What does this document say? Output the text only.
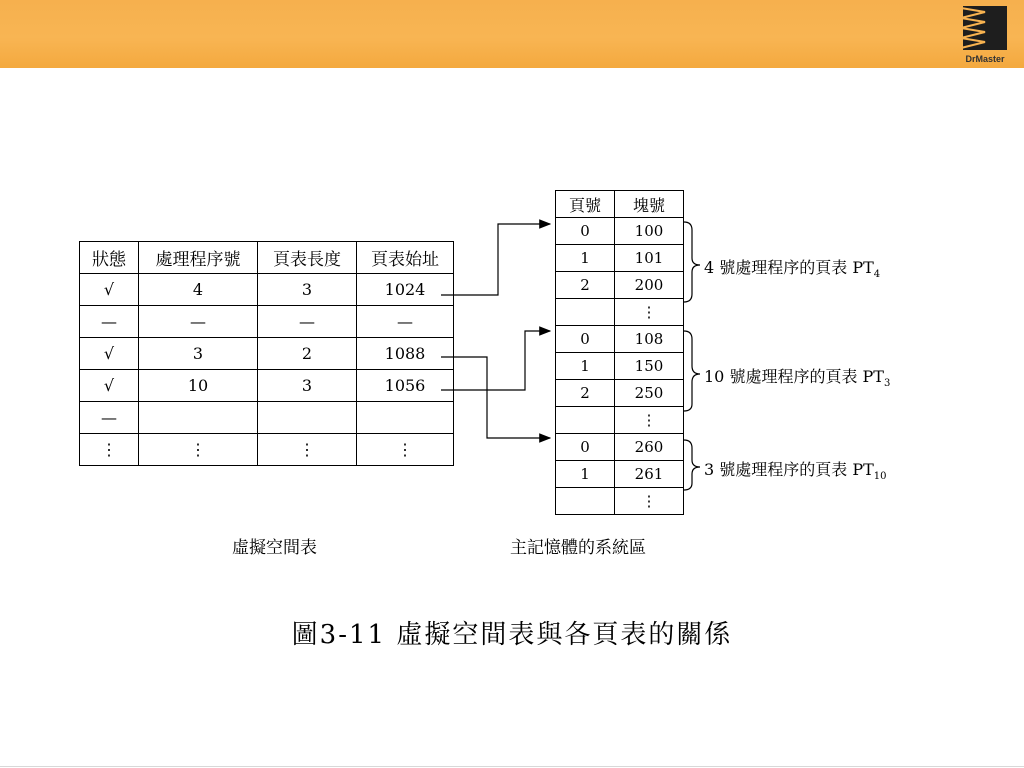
DrMaster
狀態	處理程序號	頁表長度	頁表始址
√	4	3	1024
—	—	—	—
√	3	2	1088
√	10	3	1056
—			
⋮	⋮	⋮	⋮
頁號	塊號
0	100
1	101
2	200
	⋮
0	108
1	150
2	250
	⋮
0	260
1	261
	⋮
4 號處理程序的頁表 $PT_4$
10 號處理程序的頁表 $PT_3$
3 號處理程序的頁表 $PT_{10}$
虛擬空間表	主記憶體的系統區
圖3-11 虛擬空間表與各頁表的關係
